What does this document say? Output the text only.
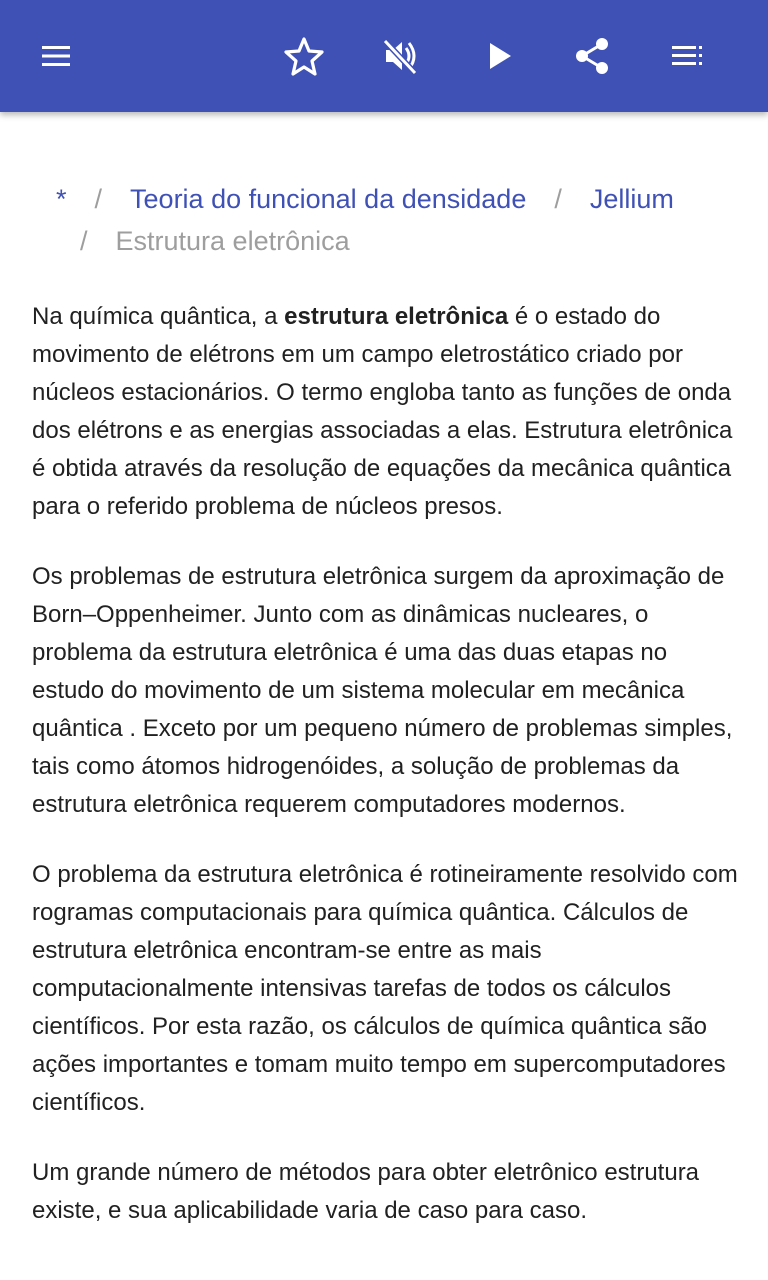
* / Teoria do funcional da densidade / Jellium
/ Estrutura eletrônica

Na química quântica, a estrutura eletrônica é o estado do movimento de elétrons em um campo eletrostático criado por núcleos estacionários. O termo engloba tanto as funções de onda dos elétrons e as energias associadas a elas. Estrutura eletrônica é obtida através da resolução de equações da mecânica quântica para o referido problema de núcleos presos.

Os problemas de estrutura eletrônica surgem da aproximação de Born–Oppenheimer. Junto com as dinâmicas nucleares, o problema da estrutura eletrônica é uma das duas etapas no estudo do movimento de um sistema molecular em mecânica quântica . Exceto por um pequeno número de problemas simples, tais como átomos hidrogenóides, a solução de problemas da estrutura eletrônica requerem computadores modernos.

O problema da estrutura eletrônica é rotineiramente resolvido com rogramas computacionais para química quântica. Cálculos de estrutura eletrônica encontram-se entre as mais computacionalmente intensivas tarefas de todos os cálculos científicos. Por esta razão, os cálculos de química quântica são ações importantes e tomam muito tempo em supercomputadores científicos.

Um grande número de métodos para obter eletrônico estrutura existe, e sua aplicabilidade varia de caso para caso.
